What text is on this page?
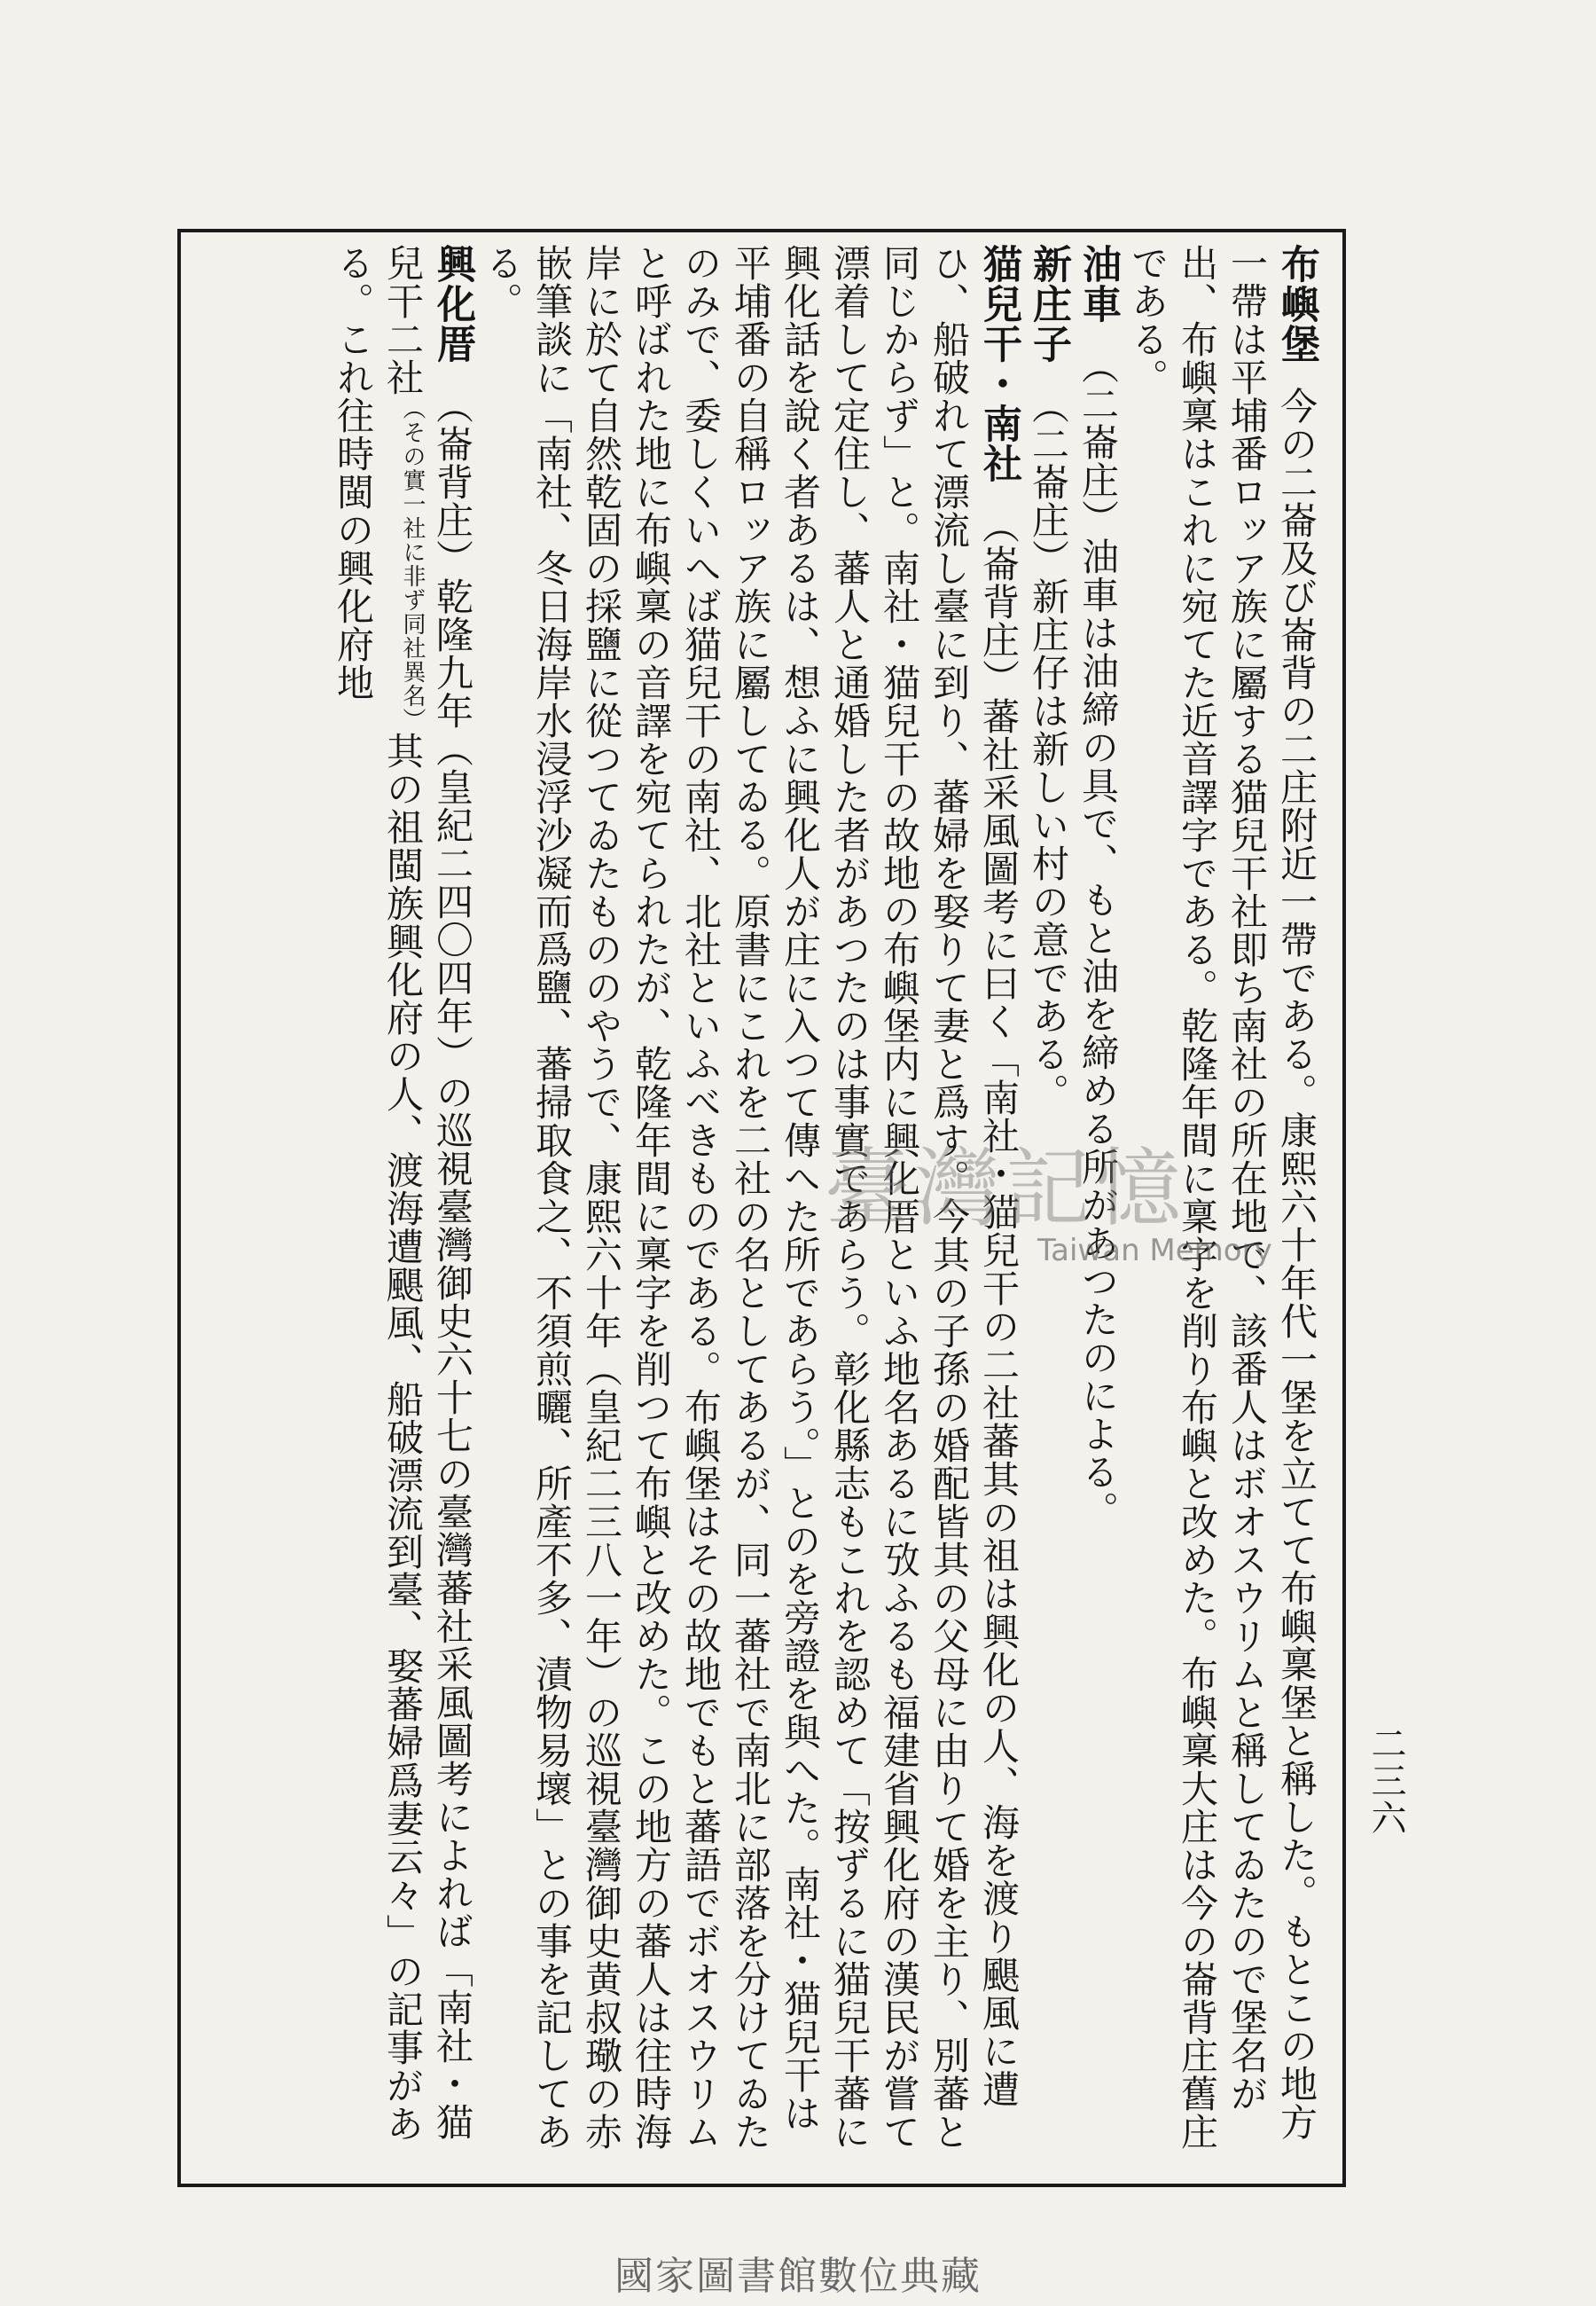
二三六

布嶼堡今の二崙及び崙背の二庄附近一帶である。康熙六十年代一堡を立てて布嶼稟堡と稱した。もとこの地方一帶は平埔番ロッア族に屬する猫兒干社即ち南社の所在地で、該番人はボオスウリムと稱してゐたので堡名が出、布嶼稟はこれに宛てた近音譯字である。乾隆年間に稟字を削り布嶼と改めた。布嶼稟大庄は今の崙背庄舊庄である。

油車（二崙庄）油車は油締の具で、もと油を締める所があつたのによる。

新庄子（二崙庄）新庄仔は新しい村の意である。

猫兒干・南社（崙背庄）蕃社采風圖考に曰く「南社・猫兒干の二社蕃其の祖は興化の人、海を渡り颶風に遭ひ、船破れて漂流し臺に到り、蕃婦を娶りて妻と爲す。今其の子孫の婚配皆其の父母に由りて婚を主り、別蕃と同じからず」と。南社・猫兒干の故地の布嶼堡内に興化厝といふ地名あるに攷ふるも福建省興化府の漢民が嘗て漂着して定住し、蕃人と通婚した者があつたのは事實であらう。彰化縣志もこれを認めて「按ずるに猫兒干蕃に興化話を說く者あるは、想ふに興化人が庄に入つて傳へた所であらう。」とのを旁證を與へた。南社・猫兒干は平埔番の自稱ロッア族に屬してゐる。原書にこれを二社の名としてあるが、同一蕃社で南北に部落を分けてゐたのみで、委しくいへば猫兒干の南社、北社といふべきものである。布嶼堡はその故地でもと蕃語でボオスウリムと呼ばれた地に布嶼稟の音譯を宛てられたが、乾隆年間に稟字を削つて布嶼と改めた。この地方の蕃人は往時海岸に於て自然乾固の採鹽に從つてゐたもののやうで、康熙六十年（皇紀二三八一年）の巡視臺灣御史黄叔璥の赤嵌筆談に「南社、冬日海岸水浸浮沙凝而爲鹽、蕃掃取食之、不須煎曬、所產不多、漬物易壞」との事を記してある。

興化厝（崙背庄）乾隆九年（皇紀二四〇四年）の巡視臺灣御史六十七の臺灣蕃社采風圖考によれば「南社・猫兒干二社（その實一社に非ず同社異名）其の祖閩族興化府の人、渡海遭颶風、船破漂流到臺、娶蕃婦爲妻云々」の記事がある。これ往時閩の興化府地

臺灣記憶
Taiwan Memory
國家圖書館數位典藏
